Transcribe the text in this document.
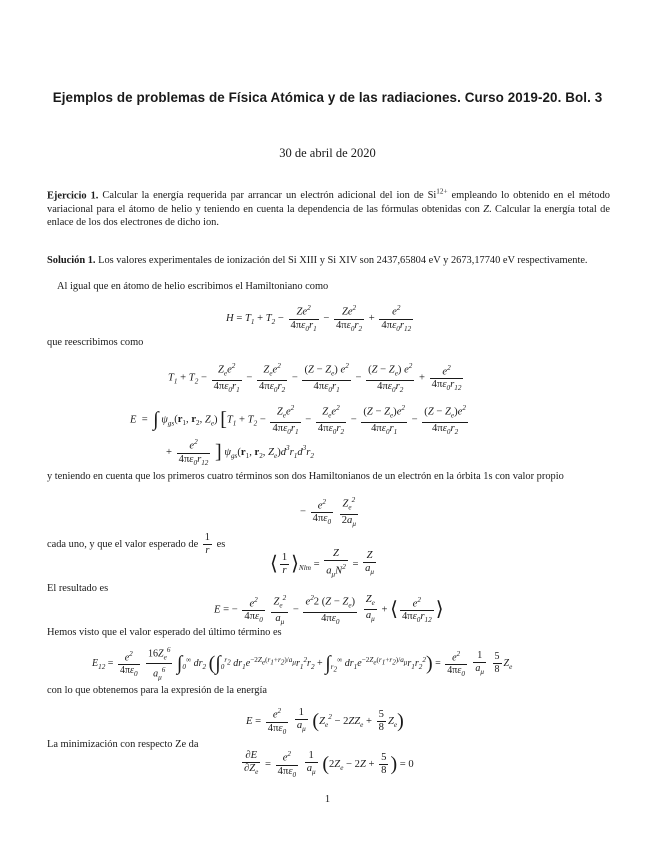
Ejemplos de problemas de Física Atómica y de las radiaciones. Curso 2019-20. Bol. 3
30 de abril de 2020
Ejercicio 1. Calcular la energía requerida par arrancar un electrón adicional del ion de $Si^{12+}$ empleando lo obtenido en el método variacional para el átomo de helio y teniendo en cuenta la dependencia de las fórmulas obtenidas con Z. Calcular la energía total de enlace de los dos electrones de dicho ion.
Solución 1. Los valores experimentales de ionización del Si XIII y Si XIV son 2437,65804 eV y 2673,17740 eV respectivamente.
Al igual que en átomo de helio escribimos el Hamiltoniano como
$H = T_1 + T_2 - \frac{Ze^2}{4\pi\varepsilon_0r_1} - \frac{Ze^2}{4\pi\varepsilon_0r_2} + \frac{e^2}{4\pi\varepsilon_0r_{12}}$
que reescribimos como
$T_1 + T_2 - \frac{Z_ee^2}{4\pi\varepsilon_0r_1} - \frac{Z_ee^2}{4\pi\varepsilon_0r_2} - \frac{(Z - Z_e) e^2}{4\pi\varepsilon_0r_1} - \frac{(Z - Z_e) e^2}{4\pi\varepsilon_0r_2} + \frac{e^2}{4\pi\varepsilon_0r_{12}}$
E  = ∫ $\psi_{gs}(r_1$, $r_2$, $Z_e$) [$T_1 + T_2 - \frac{Z_ee^2}{4\pi\varepsilon_0r_1} - \frac{Z_ee^2}{4\pi\varepsilon_0r_2} - \frac{(Z - Z_e)e^2}{4\pi\varepsilon_0r_1} - \frac{(Z - Z_e)e^2}{4\pi\varepsilon_0r_2}$
+ $\frac{e^2}{4\pi\varepsilon_0r_{12}}$ ] $\psi_{gs}(r_1$, $r_2$, $Z_e)d^3r_1d^3r_2$
y teniendo en cuenta que los primeros cuatro términos son dos Hamiltonianos de un electrón en la órbita 1s con valor propio
− $\frac{e^2}{4\pi\varepsilon_0}$
$\frac{Z_e^2}{2a_\mu}$
cada uno, y que el valor esperado de $\frac{1}{r}$ es
⟨ $\frac{1}{r}$ $⟩_{Nlm} = \frac{Z}{a_\mu N^2} = \frac{Z}{a_\mu}$
El resultado es
E = − $\frac{e^2}{4\pi\varepsilon_0}$
$\frac{Z_e^2}{a_\mu} - \frac{e^22 (Z - Z_e)}{4\pi\varepsilon_0}$
$\frac{Z_e}{a_\mu}$ + ⟨ $\frac{e^2}{4\pi\varepsilon_0r_{12}}$ ⟩
Hemos visto que el valor esperado del último término es
$E_{12} = \frac{e^2}{4\pi\varepsilon_0}$
$\frac{16Z_e^6}{a_\mu^6} \int_0^\infty$ $dr_2$ ($\int_0^{r_2}$ $dr_1e^{-2Z_e(r_1+r_2)/a_\mu}r_1^2r_2 + \int_{r_2}^\infty$ $dr_1e^{-2Z_e(r_1+r_2)/a_\mu}r_1r_2^2) = \frac{e^2}{4\pi\varepsilon_0}$
$\frac{1}{a_\mu}$
$\frac{5}{8} Z_e$
con lo que obtenemos para la expresión de la energía
$E = \frac{e^2}{4\pi\varepsilon_0}$
$\frac{1}{a_\mu} (Z_e^2 - 2ZZ_e + \frac{5}{8} Z_e)$
La minimización con respecto Ze da
$\frac{\partial E}{\partial Z_e} = \frac{e^2}{4\pi\varepsilon_0}$
$\frac{1}{a_\mu} (2Z_e - 2Z + \frac{5}{8}$ ) = 0
1
